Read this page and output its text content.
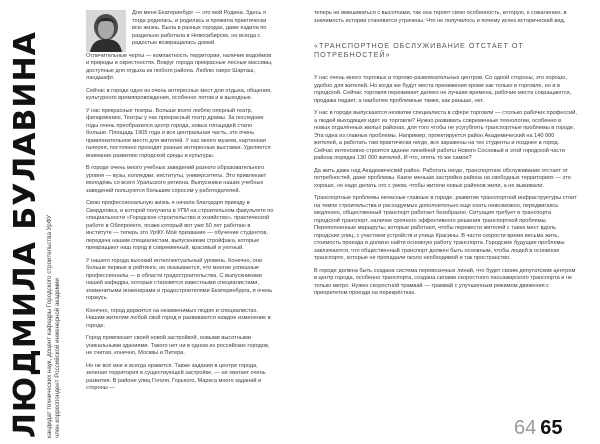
ЛЮДМИЛА БУЛАВИНА кандидат технических наук, доцент кафедры Городского строительства УрФУ член корреспондент Российской инженерной академии

Для меня Екатеринбург — это мой Родина. Здесь я тогда родилась, и родилась и прожила практически всю жизнь. Была в разных городах, даже ездила по раздельно работала в Новосибирске, но всегда с радостью возвращалась домой.

Отличительные черты — компактность территории, наличие водоёмов и природы в окрестностях. Вокруг города прекрасные лесные массивы, доступные для отдыха из любого района. Люблю озеро Шарташ, ландшафт.

Сейчас в городе одно из очень интересных мест для отдыха, общения, культурного времяпровождения, особенно летом и в выходные.

У нас прекрасные театры. Больше всего люблю оперный театр, филармонию. Театры у нас прекрасный театр драмы. За последние годы очень преобразился центр города, новых площадей стало больше. Площадь 1905 года и вся центральная часть, это очень привлекательное место для жителей. У нас много музеев, картинная галерея, постоянно проходят разные интересные выставки. Уделяется внимание развитию городской среды и культуры.

В городе очень много учебных заведений разного образовательного уровня — вузы, колледжи, институты, университеты. Это привлекает молодёжь со всего Уральского региона. Выпускники наших учебных заведений пользуются большим спросом у работодателей.

Свою профессиональную жизнь я начала благодаря приезду в Свердловск, и которой получила в УПИ на строительном факультете по специальности «Городское строительство и хозяйство», практической работе в Облпроекте, позже который вот уже 50 лет работаю в институте — теперь это УрФУ. Моё призвание — обучение студентов, передача нашим специалистам, выпускникам стройфака, которые превращают наш город в современный, красивый и уютный.

У нашего города высокий интеллектуальный уровень. Конечно, они больше первые в рейтинге, но оказывается, что многие успешные профессионалы — в области градостроительства. С выпускниками нашей кафедры, которые становятся известными специалистами, знаменитыми инженерами и градостроителями Екатеринбурга, я очень горжусь.

Конечно, город держится на незаменимых людях и специалистах. Нашим жителям любой свой город и развиваются каждое изменение в городе.

Город привлекает своей новой застройкой, новыми высотными уникальными зданиями. Такого нет ни в одном из российских городов, не считая, конечно, Москвы и Питера.

Но не всё мне и всегда нравится. Также задания в центре города, зеленая территория в существующей застройке, — не хватает очень развития. В районе улиц Гоголя, Горького, Маркса много заданий и стороны —

теперь не вмешиваться с высотками, так она теряет свою особенность, которую, к сожалению, в значимость истории становится утрачены. Что не получилось и почему исчез исторический вид.

«ТРАНСПОРТНОЕ ОБСЛУЖИВАНИЕ ОТСТАЕТ ОТ ПОТРЕБНОСТЕЙ»

У нас очень много торговых и торгово-развлекательных центров. Со одной стороны, это хорошо, удобно для жителей. Но когда же будут места принижения кроме как только в торговле, но и в городской. Сейчас торговля переживает далеко не лучшие времена, рабочие места сокращаются, продажа падает, а наиболее проблемные также, как раньше, нет.

У нас в городе выпускаются нехватки специалиста в сфере торговли — столько рабочих профессий, а людей выходящих идёт из торговли? Нужно развивать современные технологии, особенно в новых отдалённых жилых районах, для того чтобы не усугублять транспортные проблемы в городе. Эта одна из главных проблемы. Например, проектируется район Академический на 140 000 жителей, а работать там практически негде, все заражены на тех студенты и позднее в город. Сейчас интенсивно строится здание линейной работы Нового Сосновый и этой городской части района порядка 130 000 жителей. И что, опять то же самое?

Да жить даже над Академический район. Работать негде, транспортное обслуживание отстает от потребностей, даже проблемы. Какое меньше застройка района на свободных территориях — это хорошо, но надо делать это с умом, чтобы жители новых районов жили, а не выживали.

Транспортные проблемы нечасные главные в городе, развитие транспортной инфраструктуры стоит на темпе строительства и расходуемых дополнительно еще ехать невозможно, передвигаясь медленно, общественный транспорт работает безобразно. Ситуация требует в транспорта городской транспорт, наличие срочного эффективного решения транспортной проблемы. Переполненные маршруты, которые работают, чтобы перевести жителей с таких мест вдоль городских улиц, с участием устройств и улица Красины. В части скорости время весьма жить, стоимость проезда и должно найти основную работу транспорта. Городские будущие проблемы заключаются, что общественный транспорт должен быть основным, чтобы людей в основном транспорте, которые не пропадали около необходимой и так пространство.

В городе должна быть создана система перевозочных линий, что будет своим депутатским центром в центр города, особенно транспорта, создана силами скоростного пассажирского транспорта и не только метро. Нужен скоростной трамвай — трамвай с улучшенным режимом движения с приоритетом проезда на перекрёстках.

64 65
